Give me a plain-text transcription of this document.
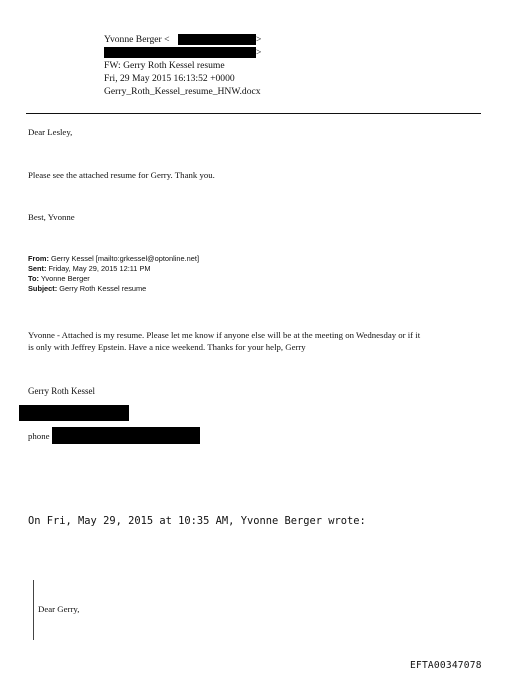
Yvonne Berger <	>
>
FW: Gerry Roth Kessel resume
Fri, 29 May 2015 16:13:52 +0000
Gerry_Roth_Kessel_resume_HNW.docx
Dear Lesley,
Please see the attached resume for Gerry. Thank you.
Best, Yvonne
From: Gerry Kessel [mailto:grkessel@optonline.net]
Sent: Friday, May 29, 2015 12:11 PM
To: Yvonne Berger
Subject: Gerry Roth Kessel resume
Yvonne - Attached is my resume. Please let me know if anyone else will be at the meeting on Wednesday or if it
is only with Jeffrey Epstein. Have a nice weekend. Thanks for your help, Gerry
Gerry Roth Kessel
phone
On Fri, May 29, 2015 at 10:35 AM, Yvonne Berger wrote:
Dear Gerry,
EFTA00347078
